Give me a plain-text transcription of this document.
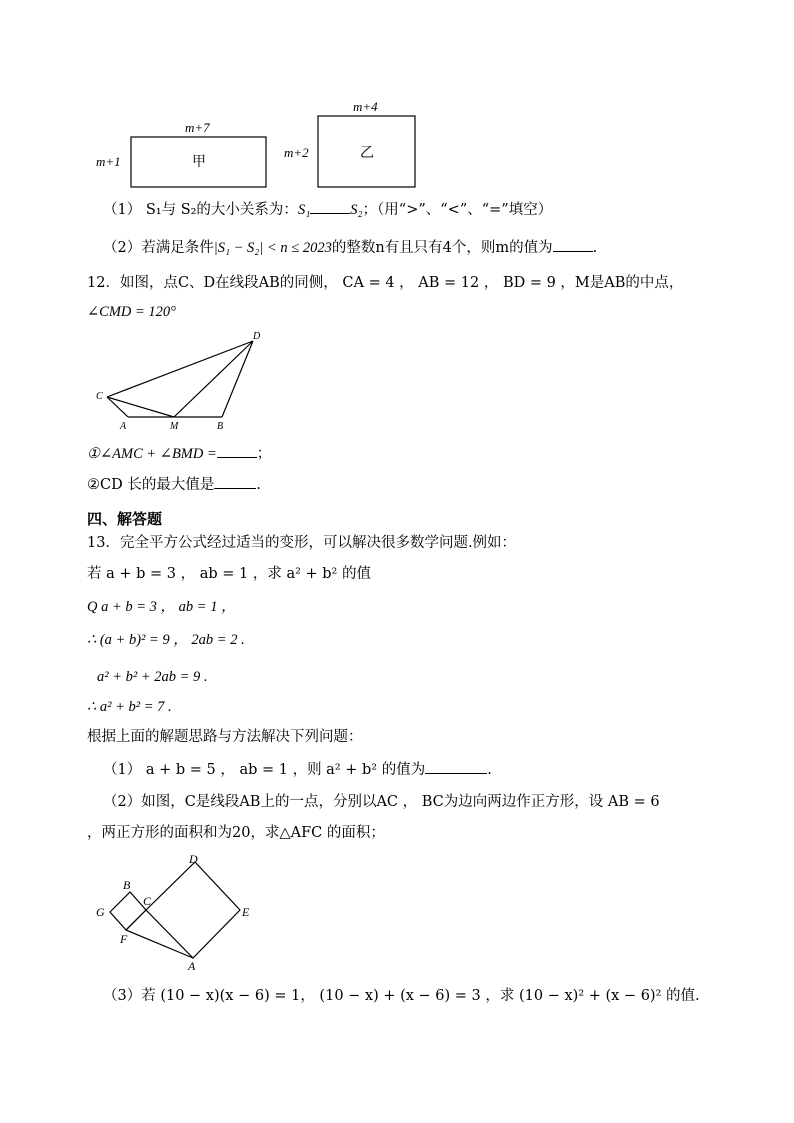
m+7
m+1	甲
m+4
m+2	乙
（1） S₁与 S₂的大小关系为：S₁	S₂；（用“>”、“<”、“=”填空）
（2）若满足条件|S₁ − S₂| < n ≤ 2023的整数n有且只有4个，则m的值为	.
12．如图，点C、D在线段AB的同侧， CA = 4 ， AB = 12 ， BD = 9 ，M是AB的中点，
∠CMD = 120°
C
A	M	B
D
①∠AMC + ∠BMD =	；
②CD 长的最大值是	.
四、解答题
13．完全平方公式经过适当的变形，可以解决很多数学问题.例如：
若 a + b = 3 ， ab = 1 ，求 a² + b² 的值
Q a + b = 3 ， ab = 1 ，
∴ (a + b)² = 9 ， 2ab = 2 .
a² + b² + 2ab = 9 .
∴ a² + b² = 7 .
根据上面的解题思路与方法解决下列问题：
（1） a + b = 5 ， ab = 1 ，则 a² + b² 的值为	.
（2）如图，C是线段AB上的一点，分别以AC ， BC为边向两边作正方形，设 AB = 6
，两正方形的面积和为20，求△AFC 的面积；
D
B
C
G	E
F
A
（3）若 (10 − x)(x − 6) = 1， (10 − x) + (x − 6) = 3 ，求 (10 − x)² + (x − 6)² 的值.
